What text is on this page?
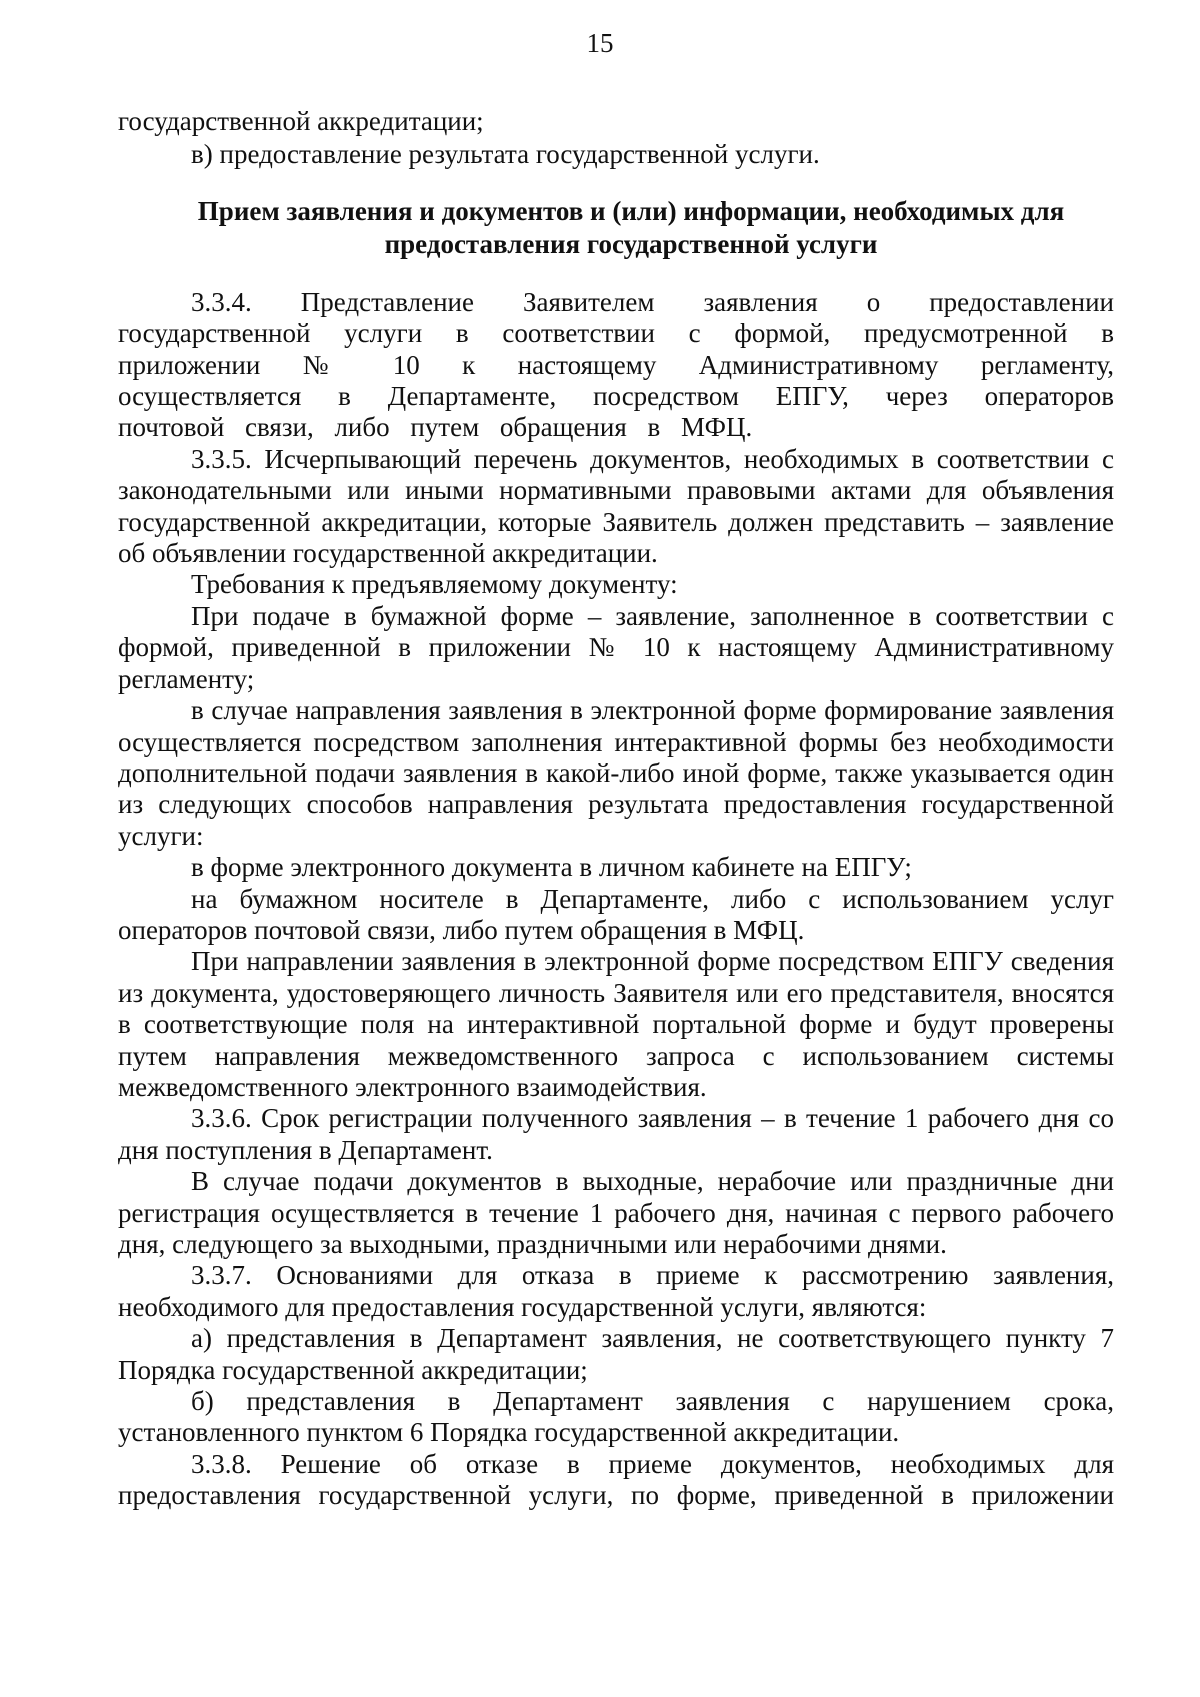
15

государственной аккредитации;

в) предоставление результата государственной услуги.

Прием заявления и документов и (или) информации, необходимых для предоставления государственной услуги

3.3.4. Представление Заявителем заявления о предоставлении государственной услуги в соответствии с формой, предусмотренной в приложении № 10 к настоящему Административному регламенту, осуществляется в Департаменте, посредством ЕПГУ, через операторов почтовой связи, либо путем обращения в МФЦ.

3.3.5. Исчерпывающий перечень документов, необходимых в соответствии с законодательными или иными нормативными правовыми актами для объявления государственной аккредитации, которые Заявитель должен представить – заявление об объявлении государственной аккредитации.

Требования к предъявляемому документу:

При подаче в бумажной форме – заявление, заполненное в соответствии с формой, приведенной в приложении № 10 к настоящему Административному регламенту;

в случае направления заявления в электронной форме формирование заявления осуществляется посредством заполнения интерактивной формы без необходимости дополнительной подачи заявления в какой-либо иной форме, также указывается один из следующих способов направления результата предоставления государственной услуги:

в форме электронного документа в личном кабинете на ЕПГУ;

на бумажном носителе в Департаменте, либо с использованием услуг операторов почтовой связи, либо путем обращения в МФЦ.

При направлении заявления в электронной форме посредством ЕПГУ сведения из документа, удостоверяющего личность Заявителя или его представителя, вносятся в соответствующие поля на интерактивной портальной форме и будут проверены путем направления межведомственного запроса с использованием системы межведомственного электронного взаимодействия.

3.3.6. Срок регистрации полученного заявления – в течение 1 рабочего дня со дня поступления в Департамент.

В случае подачи документов в выходные, нерабочие или праздничные дни регистрация осуществляется в течение 1 рабочего дня, начиная с первого рабочего дня, следующего за выходными, праздничными или нерабочими днями.

3.3.7. Основаниями для отказа в приеме к рассмотрению заявления, необходимого для предоставления государственной услуги, являются:

а) представления в Департамент заявления, не соответствующего пункту 7 Порядка государственной аккредитации;

б) представления в Департамент заявления с нарушением срока, установленного пунктом 6 Порядка государственной аккредитации.

3.3.8. Решение об отказе в приеме документов, необходимых для предоставления государственной услуги, по форме, приведенной в приложении
